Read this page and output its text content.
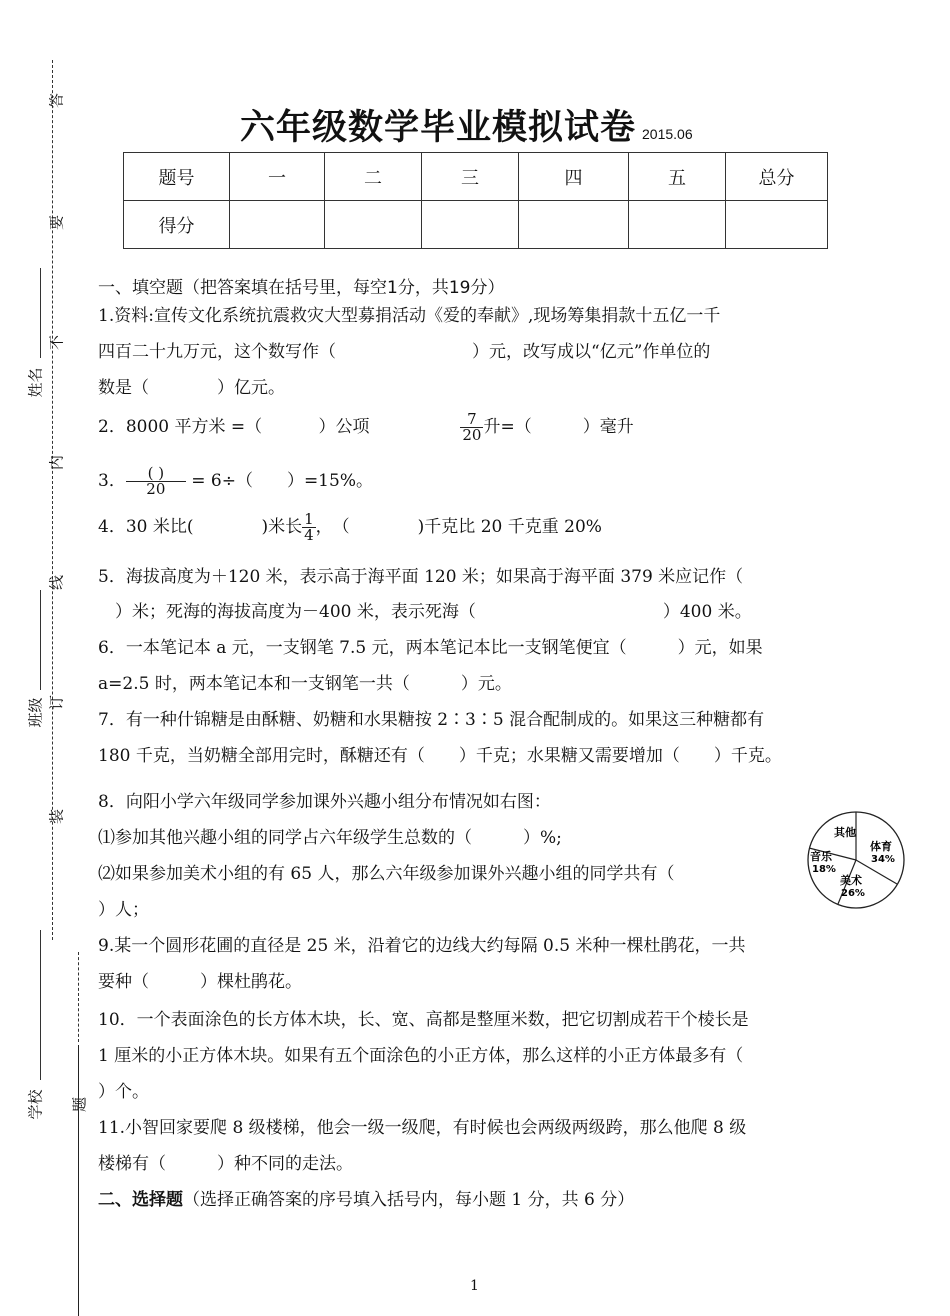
答
要
不
内
线
订
装
姓名
班级
学校 题
六年级数学毕业模拟试卷 2015.06
题号	一	二	三	四	五	总分
得分						
一、填空题（把答案填在括号里，每空1分，共19分）
1.资料:宣传文化系统抗震救灾大型募捐活动《爱的奉献》,现场筹集捐款十五亿一千
四百二十九万元，这个数写作（　　　　　　　　）元，改写成以“亿元”作单位的
数是（　　　　）亿元。
2．8000 平方米 =（　　　 ）公项	$\frac{7}{20}$ 升=（　　　）毫升
3． $\frac{( )}{20} = 6\div$（　　）=15%。
4．30 米比(　　　　)米长 $\frac{1}{4}$ ，　（　　　　)千克比 20 千克重 20%
5．海拔高度为＋120 米，表示高于海平面 120 米；如果高于海平面 379 米应记作（
　）米；死海的海拔高度为－400 米，表示死海（　　　　　　　　　　　）400 米。
6．一本笔记本 a 元，一支钢笔 7.5 元，两本笔记本比一支钢笔便宜（　　　）元，如果
a=2.5 时，两本笔记本和一支钢笔一共（　　　）元。
7．有一种什锦糖是由酥糖、奶糖和水果糖按 2∶3∶5 混合配制成的。如果这三种糖都有
180 千克，当奶糖全部用完时，酥糖还有（　　）千克；水果糖又需要增加（　　）千克。
8．向阳小学六年级同学参加课外兴趣小组分布情况如右图：
⑴参加其他兴趣小组的同学占六年级学生总数的（　　　）%;
⑵如果参加美术小组的有 65 人，那么六年级参加课外兴趣小组的同学共有（
）人；
其他
体育
34%
美术
26%
音乐
18%
9.某一个圆形花圃的直径是 25 米，沿着它的边线大约每隔 0.5 米种一棵杜鹃花，一共
要种（　　　）棵杜鹃花。
10．一个表面涂色的长方体木块，长、宽、高都是整厘米数，把它切割成若干个棱长是
1 厘米的小正方体木块。如果有五个面涂色的小正方体，那么这样的小正方体最多有（
）个。
11.小智回家要爬 8 级楼梯，他会一级一级爬，有时候也会两级两级跨，那么他爬 8 级
楼梯有（　　　）种不同的走法。
二、选择题（选择正确答案的序号填入括号内，每小题 1 分，共 6 分）
1
